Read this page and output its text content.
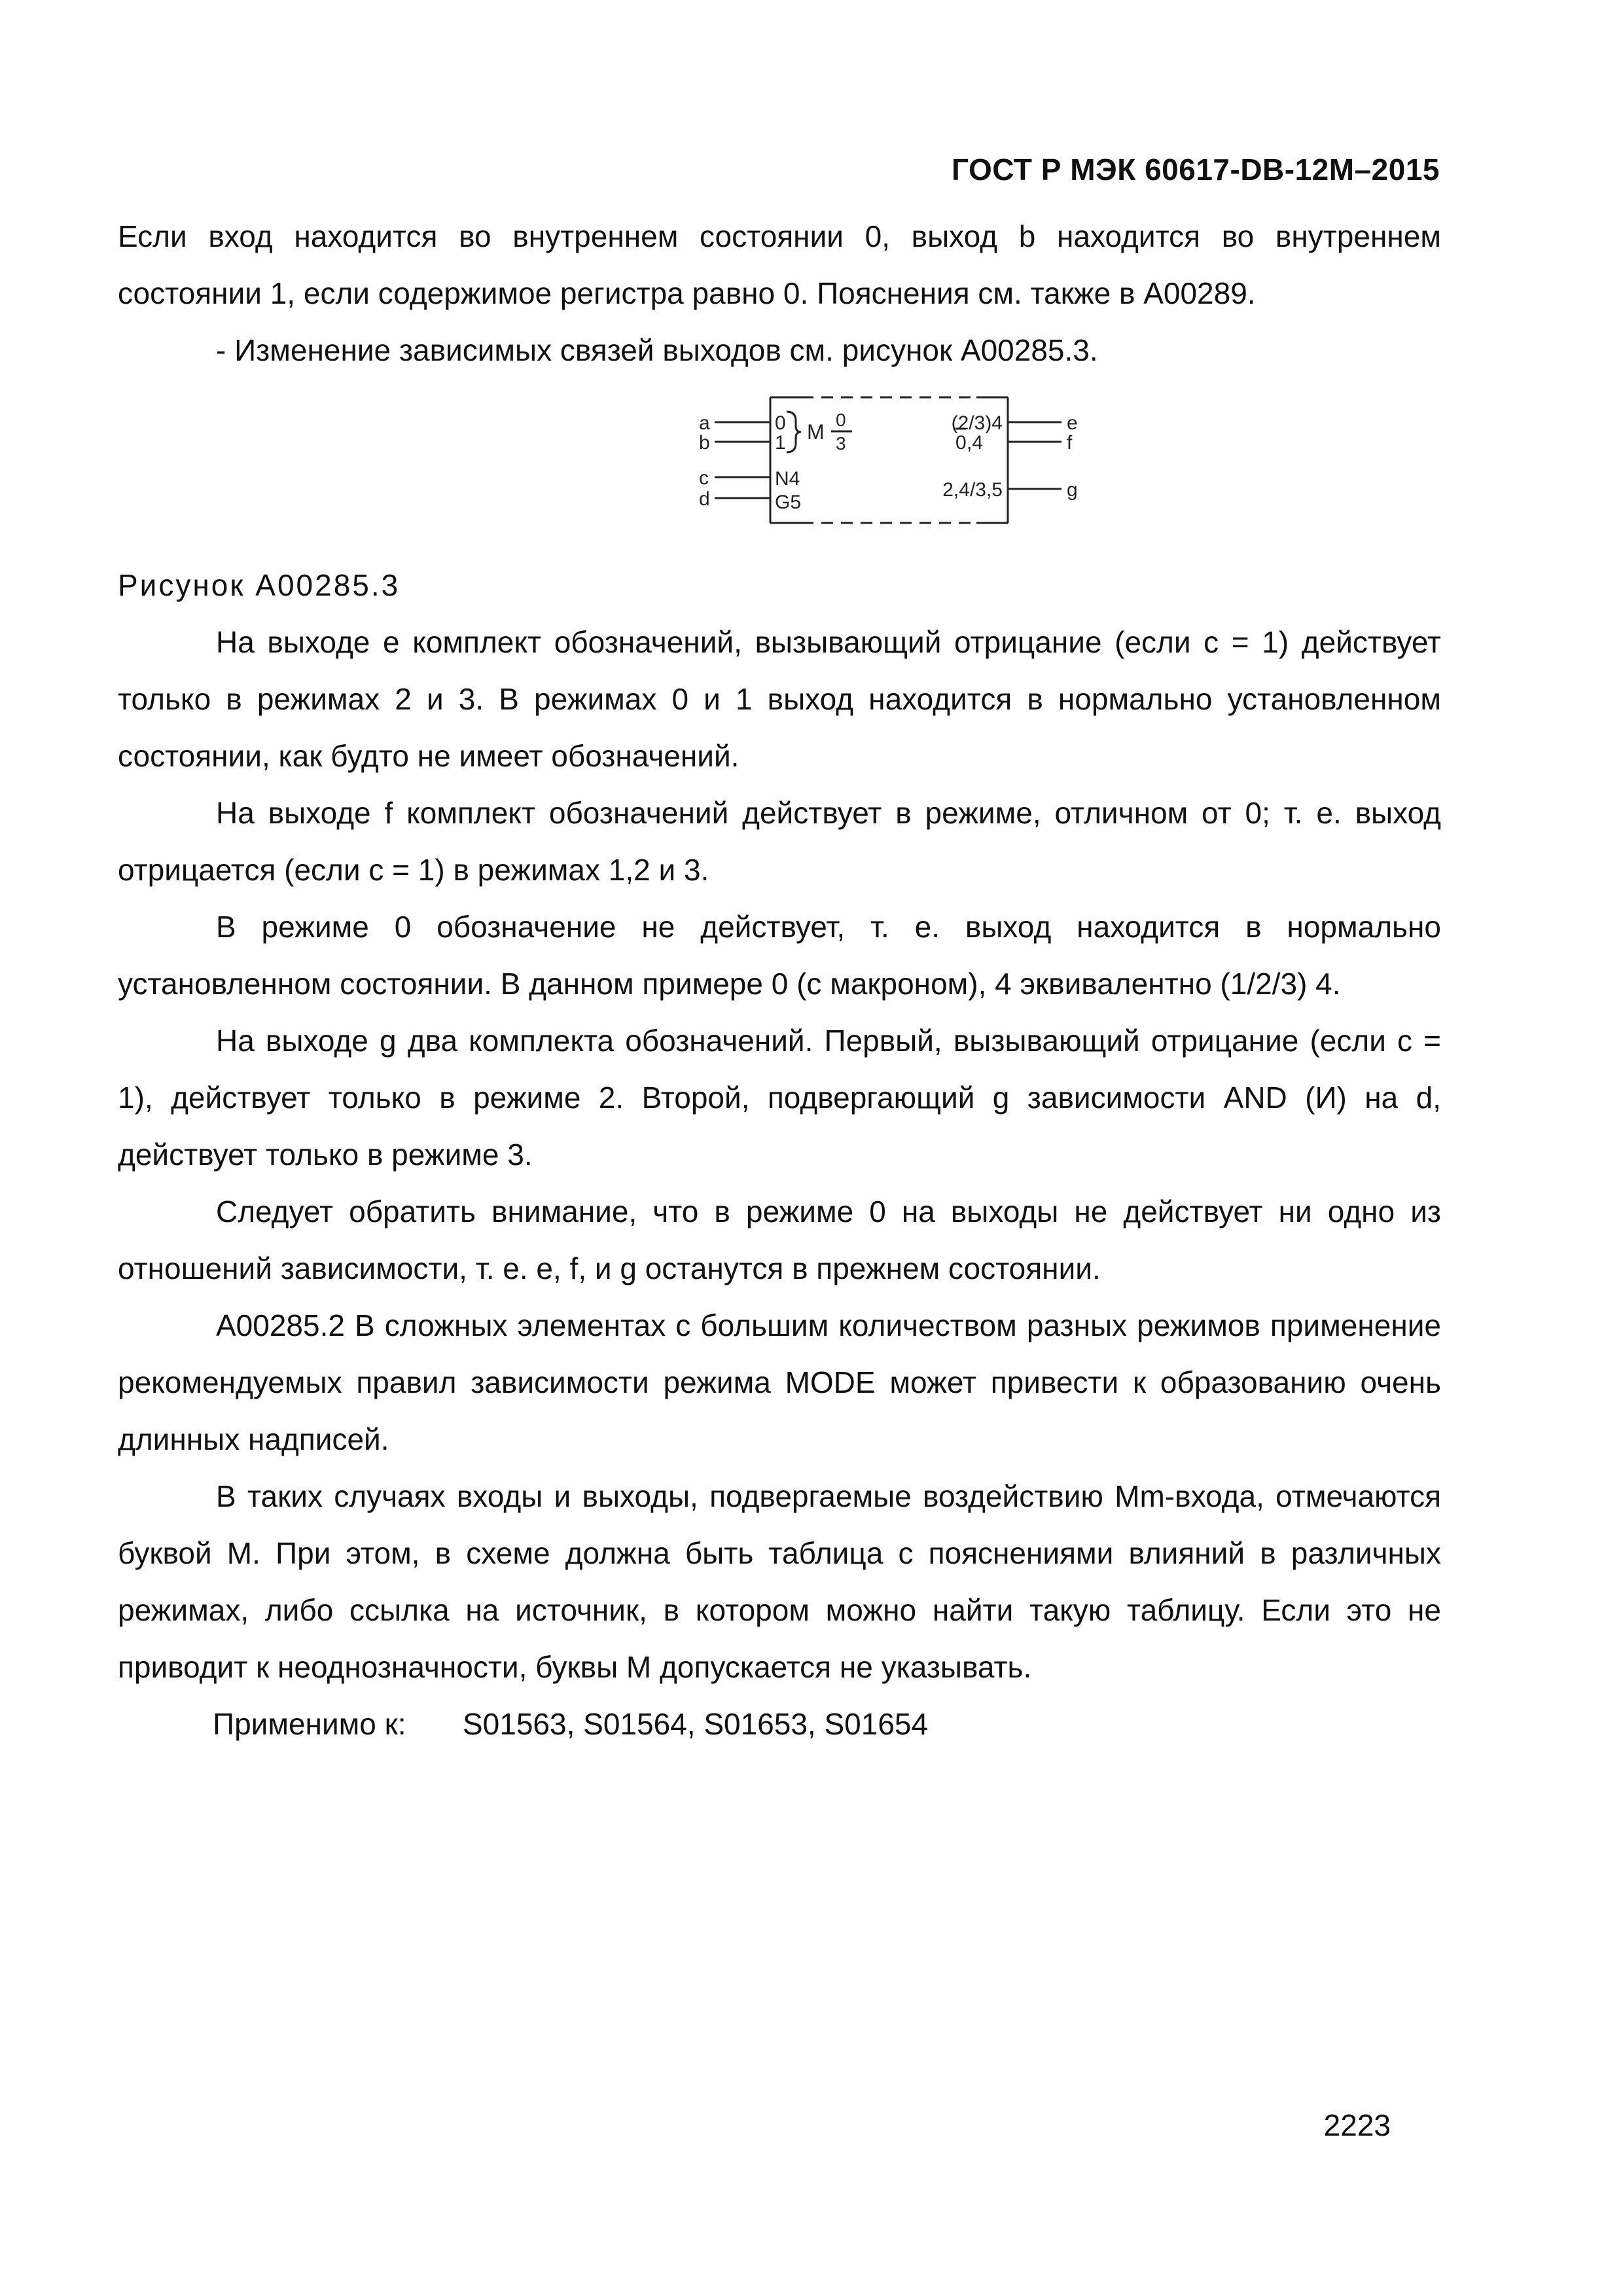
ГОСТ Р МЭК 60617-DB-12M–2015

Если вход находится во внутреннем состоянии 0, выход b находится во внутреннем состоянии 1, если содержимое регистра равно 0. Пояснения см. также в А00289.

- Изменение зависимых связей выходов см. рисунок А00285.3.

a
b
c
d
0
1 M
0
3
N4
G5
(2/3)4
0 ,4
2,4/3,5
e
f
g

Рисунок А00285.3

На выходе e комплект обозначений, вызывающий отрицание (если c = 1) действует только в режимах 2 и 3. В режимах 0 и 1 выход находится в нормально установленном состоянии, как будто не имеет обозначений.

На выходе f комплект обозначений действует в режиме, отличном от 0; т. е. выход отрицается (если c = 1) в режимах 1,2 и 3.

В режиме 0 обозначение не действует, т. е. выход находится в нормально установленном состоянии. В данном примере 0 (с макроном), 4 эквивалентно (1/2/3) 4.

На выходе g два комплекта обозначений. Первый, вызывающий отрицание (если c = 1), действует только в режиме 2. Второй, подвергающий g зависимости AND (И) на d, действует только в режиме 3.

Следует обратить внимание, что в режиме 0 на выходы не действует ни одно из отношений зависимости, т. е. e, f, и g останутся в прежнем состоянии.

А00285.2 В сложных элементах с большим количеством разных режимов применение рекомендуемых правил зависимости режима MODE может привести к образованию очень длинных надписей.

В таких случаях входы и выходы, подвергаемые воздействию Mm-входа, отмечаются буквой M. При этом, в схеме должна быть таблица с пояснениями влияний в различных режимах, либо ссылка на источник, в котором можно найти такую таблицу. Если это не приводит к неоднозначности, буквы M допускается не указывать.

Применимо к: S01563, S01564, S01653, S01654
2223
